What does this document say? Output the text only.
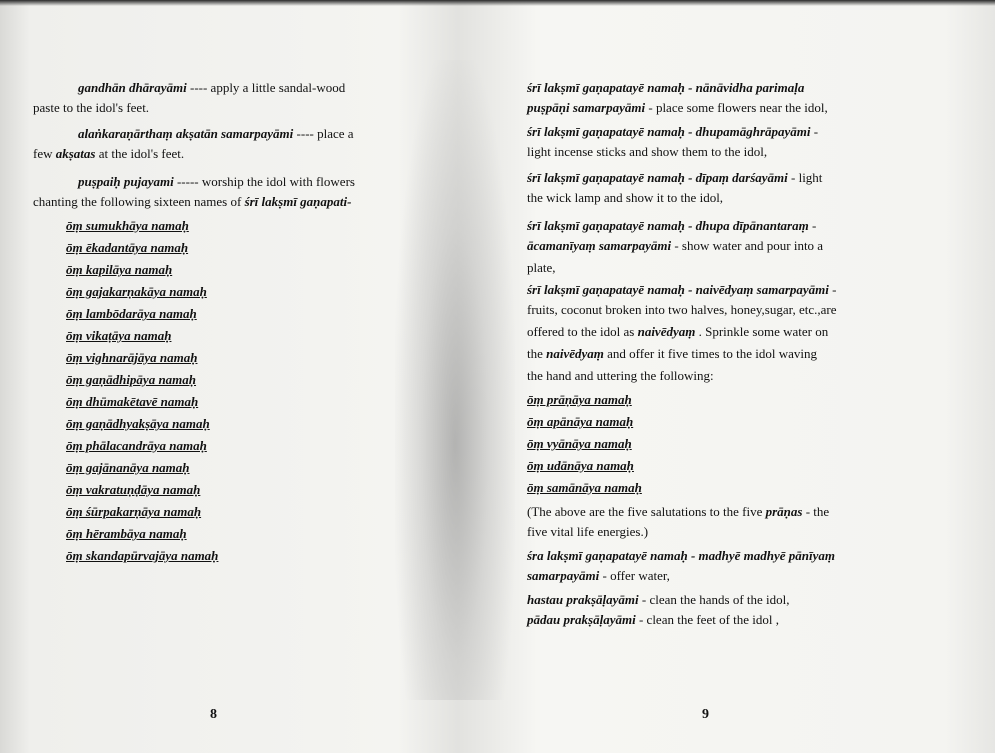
gandhān dhārayāmi ---- apply a little sandal-wood
paste to the idol's feet.
alaṅkaraṇārthaṃ akṣatān samarpayāmi ---- place a
few akṣatas at the idol's feet.
puṣpaiḥ pujayami ----- worship the idol with flowers
chanting the following sixteen names of śrī lakṣmī gaṇapati-
ōṃ sumukhāya namaḥ
ōṃ ēkadantāya namaḥ
ōṃ kapilāya namaḥ
ōṃ gajakarṇakāya namaḥ
ōṃ lambōdarāya namaḥ
ōṃ vikaṭāya namaḥ
ōṃ vighnarājāya namaḥ
ōṃ gaṇādhipāya namaḥ
ōṃ dhūmakētavē namaḥ
ōṃ gaṇādhyakṣāya namaḥ
ōṃ phālacandrāya namaḥ
ōṃ gajānanāya namaḥ
ōṃ vakratuṇḍāya namaḥ
ōṃ śūrpakarṇāya namaḥ
ōṃ hērambāya namaḥ
ōṃ skandapūrvajāya namaḥ
8
śrī lakṣmī gaṇapatayē namaḥ - nānāvidha parimaḷa
puṣpāṇi samarpayāmi - place some flowers near the idol,
śrī lakṣmī gaṇapatayē namaḥ - dhupamāghrāpayāmi -
light incense sticks and show them to the idol,
śrī lakṣmī gaṇapatayē namaḥ - dīpaṃ darśayāmi - light
the wick lamp and show it to the idol,
śrī lakṣmī gaṇapatayē namaḥ - dhupa dīpānantaraṃ -
ācamanīyaṃ samarpayāmi - show water and pour into a
plate,
śrī lakṣmī gaṇapatayē namaḥ - naivēdyaṃ samarpayāmi -
fruits, coconut broken into two halves, honey,sugar, etc.,are
offered to the idol as naivēdyaṃ . Sprinkle some water on
the naivēdyaṃ and offer it five times to the idol waving
the hand and uttering the following:
ōṃ prāṇāya namaḥ
ōṃ apānāya namaḥ
ōṃ vyānāya namaḥ
ōṃ udānāya namaḥ
ōṃ samānāya namaḥ
(The above are the five salutations to the five prāṇas - the
five vital life energies.)
śra lakṣmī gaṇapatayē namaḥ - madhyē madhyē pānīyaṃ
samarpayāmi - offer water,
hastau prakṣāḷayāmi - clean the hands of the idol,
pādau prakṣāḷayāmi - clean the feet of the idol ,
9
